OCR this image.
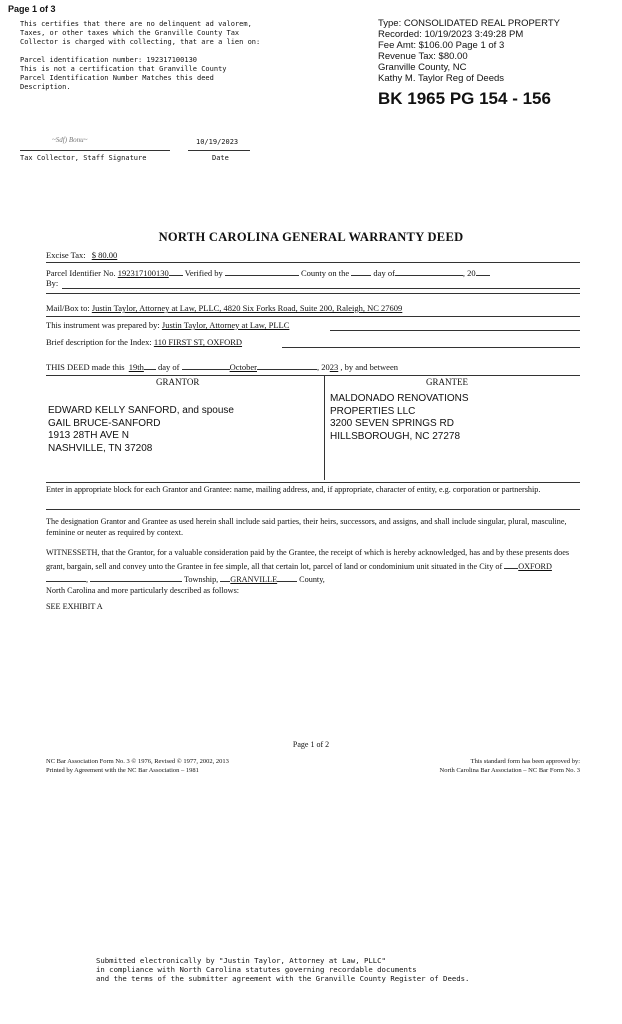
Page 1 of 3
This certifies that there are no delinquent ad valorem,
Taxes, or other taxes which the Granville County Tax
Collector is charged with collecting, that are a lien on:

Parcel identification number: 192317100130
This is not a certification that Granville County
Parcel Identification Number Matches this deed
Description.
Type: CONSOLIDATED REAL PROPERTY
Recorded: 10/19/2023 3:49:28 PM
Fee Amt: $106.00 Page 1 of 3
Revenue Tax: $80.00
Granville County, NC
Kathy M. Taylor Reg of Deeds
BK 1965 PG 154 - 156
~Sdf) Bonu~	10/19/2023
Tax Collector, Staff Signature	Date
NORTH CAROLINA GENERAL WARRANTY DEED
Excise Tax: $ 80.00
Parcel Identifier No. 192317100130 Verified by	County on the	day of	, 20
By:
Mail/Box to: Justin Taylor, Attorney at Law, PLLC, 4820 Six Forks Road, Suite 200, Raleigh, NC 27609
This instrument was prepared by: Justin Taylor, Attorney at Law, PLLC
Brief description for the Index: 110 FIRST ST, OXFORD
THIS DEED made this 19th day of	October	, 2023 , by and between
GRANTOR	GRANTEE
EDWARD KELLY SANFORD, and spouse
GAIL BRUCE-SANFORD
1913 28TH AVE N
NASHVILLE, TN 37208
MALDONADO RENOVATIONS
PROPERTIES LLC
3200 SEVEN SPRINGS RD
HILLSBOROUGH, NC 27278
Enter in appropriate block for each Grantor and Grantee: name, mailing address, and, if appropriate, character of entity, e.g. corporation or partnership.
The designation Grantor and Grantee as used herein shall include said parties, their heirs, successors, and assigns, and shall include singular, plural, masculine, feminine or neuter as required by context.
WITNESSETH, that the Grantor, for a valuable consideration paid by the Grantee, the receipt of which is hereby acknowledged, has and by these presents does grant, bargain, sell and convey unto the Grantee in fee simple, all that certain lot, parcel of land or condominium unit situated in the City of OXFORD,	Township, GRANVILLE	County,
North Carolina and more particularly described as follows:
SEE EXHIBIT A
Page 1 of 2
NC Bar Association Form No. 3 © 1976, Revised © 1977, 2002, 2013
Printed by Agreement with the NC Bar Association – 1981
This standard form has been approved by:
North Carolina Bar Association – NC Bar Form No. 3
Submitted electronically by "Justin Taylor, Attorney at Law, PLLC"
in compliance with North Carolina statutes governing recordable documents
and the terms of the submitter agreement with the Granville County Register of Deeds.
